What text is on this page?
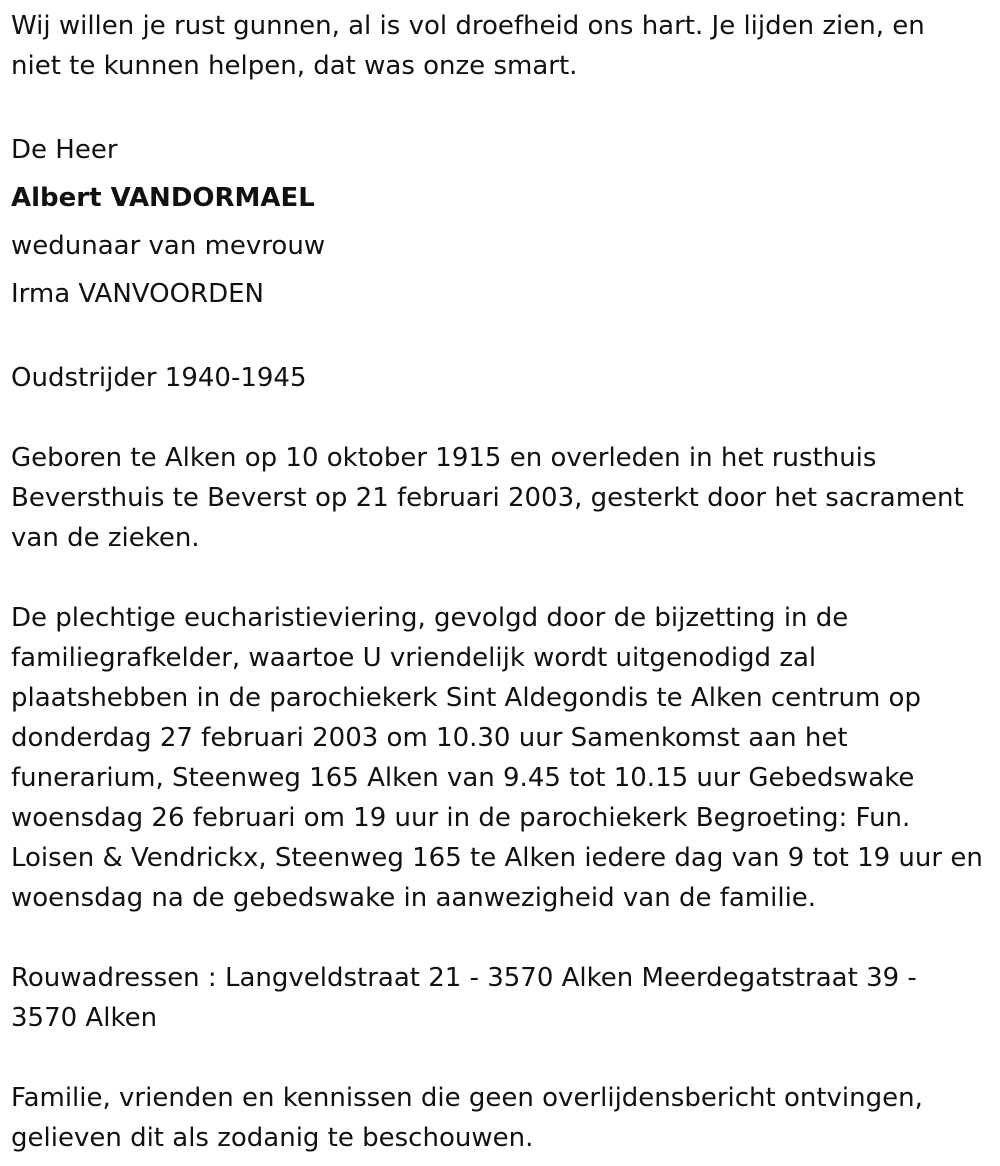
Wij willen je rust gunnen, al is vol droefheid ons hart. Je lijden zien, en

niet te kunnen helpen, dat was onze smart.

De Heer

Albert VANDORMAEL

wedunaar van mevrouw

Irma VANVOORDEN

Oudstrijder 1940-1945

Geboren te Alken op 10 oktober 1915 en overleden in het rusthuis

Beversthuis te Beverst op 21 februari 2003, gesterkt door het sacrament

van de zieken.

De plechtige eucharistieviering, gevolgd door de bijzetting in de

familiegrafkelder, waartoe U vriendelijk wordt uitgenodigd zal

plaatshebben in de parochiekerk Sint Aldegondis te Alken centrum op

donderdag 27 februari 2003 om 10.30 uur Samenkomst aan het

funerarium, Steenweg 165 Alken van 9.45 tot 10.15 uur Gebedswake

woensdag 26 februari om 19 uur in de parochiekerk Begroeting: Fun.

Loisen & Vendrickx, Steenweg 165 te Alken iedere dag van 9 tot 19 uur en

woensdag na de gebedswake in aanwezigheid van de familie.

Rouwadressen : Langveldstraat 21 - 3570 Alken Meerdegatstraat 39 -

3570 Alken

Familie, vrienden en kennissen die geen overlijdensbericht ontvingen,

gelieven dit als zodanig te beschouwen.
